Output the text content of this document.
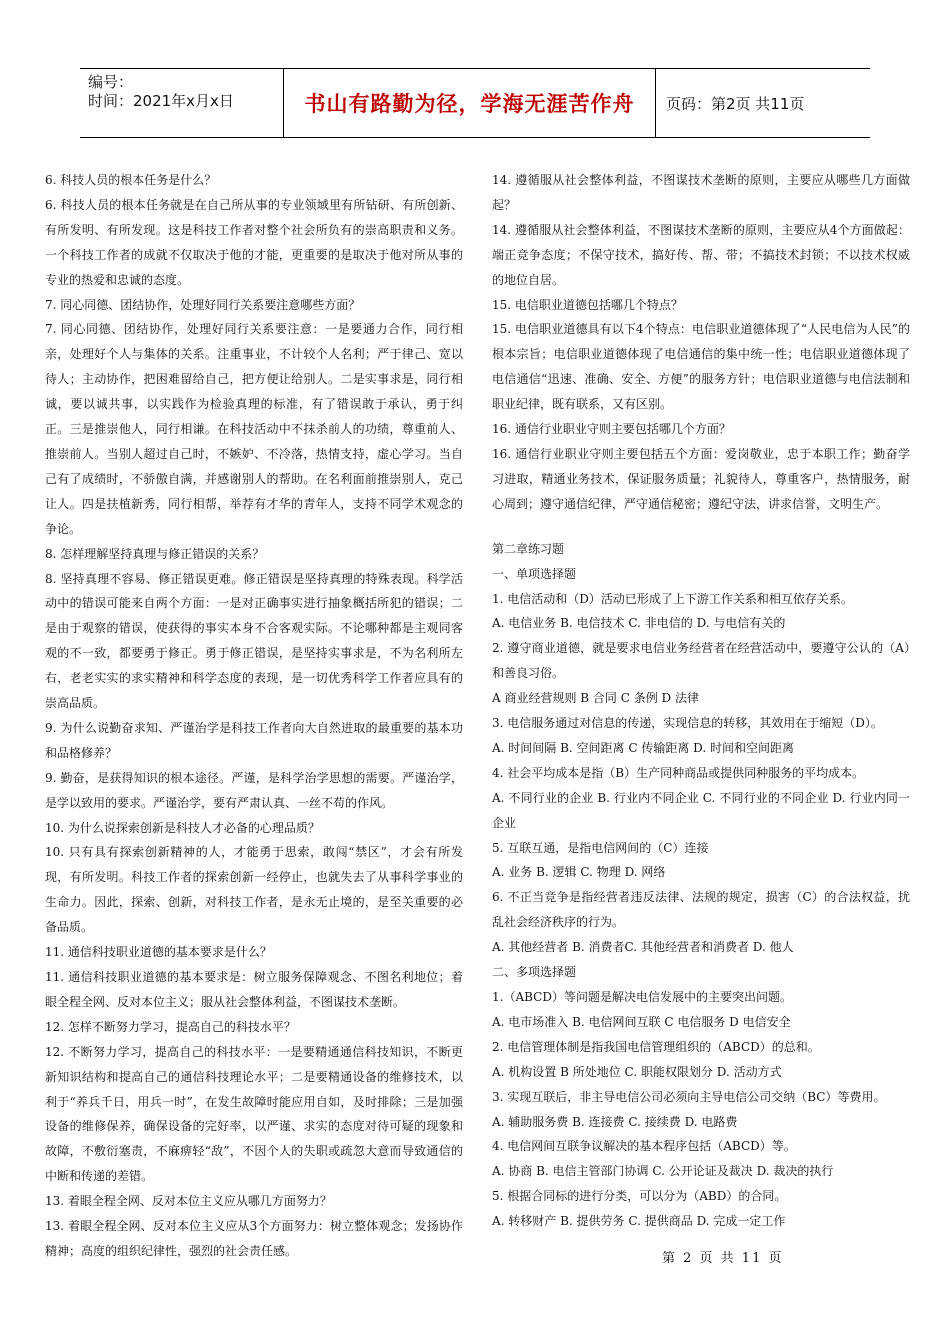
编号：
时间：2021年x月x日	书山有路勤为径，学海无涯苦作舟 页码：第2页 共11页

6. 科技人员的根本任务是什么？

6. 科技人员的根本任务就是在自己所从事的专业领域里有所钻研、有所创新、有所发明、有所发现。这是科技工作者对整个社会所负有的崇高职责和义务。一个科技工作者的成就不仅取决于他的才能，更重要的是取决于他对所从事的专业的热爱和忠诚的态度。

7. 同心同德、团结协作，处理好同行关系要注意哪些方面？

7. 同心同德、团结协作，处理好同行关系要注意：一是要通力合作，同行相亲，处理好个人与集体的关系。注重事业，不计较个人名利；严于律己、宽以待人；主动协作，把困难留给自己，把方便让给别人。二是实事求是，同行相诚，要以诚共事，以实践作为检验真理的标准，有了错误敢于承认，勇于纠正。三是推崇他人，同行相谦。在科技活动中不抹杀前人的功绩，尊重前人、推崇前人。当别人超过自己时，不嫉妒、不冷落，热情支持，虚心学习。当自己有了成绩时，不骄傲自满，并感谢别人的帮助。在名利面前推崇别人，克己让人。四是扶植新秀，同行相帮，举荐有才华的青年人，支持不同学术观念的争论。

8. 怎样理解坚持真理与修正错误的关系？

8. 坚持真理不容易、修正错误更难。修正错误是坚持真理的特殊表现。科学活动中的错误可能来自两个方面：一是对正确事实进行抽象概括所犯的错误；二是由于观察的错误，使获得的事实本身不合客观实际。不论哪种都是主观同客观的不一致，都要勇于修正。勇于修正错误，是坚持实事求是，不为名利所左右，老老实实的求实精神和科学态度的表现，是一切优秀科学工作者应具有的崇高品质。

9. 为什么说勤奋求知、严谨治学是科技工作者向大自然进取的最重要的基本功和品格修养？

9. 勤奋，是获得知识的根本途径。严谨，是科学治学思想的需要。严谨治学，是学以致用的要求。严谨治学，要有严肃认真、一丝不苟的作风。

10. 为什么说探索创新是科技人才必备的心理品质？

10. 只有具有探索创新精神的人，才能勇于思索，敢闯“禁区”，才会有所发现，有所发明。科技工作者的探索创新一经停止，也就失去了从事科学事业的生命力。因此，探索、创新，对科技工作者，是永无止境的，是至关重要的必备品质。

11. 通信科技职业道德的基本要求是什么？

11. 通信科技职业道德的基本要求是：树立服务保障观念、不图名利地位；着眼全程全网、反对本位主义；服从社会整体利益，不图谋技术垄断。

12. 怎样不断努力学习，提高自己的科技水平？

12. 不断努力学习，提高自己的科技水平：一是要精通通信科技知识，不断更新知识结构和提高自己的通信科技理论水平；二是要精通设备的维修技术，以利于“养兵千日，用兵一时”，在发生故障时能应用自如，及时排除；三是加强设备的维修保养，确保设备的完好率，以严谨、求实的态度对待可疑的现象和故障，不敷衍塞责，不麻痹轻“敌”，不因个人的失职或疏忽大意而导致通信的中断和传递的差错。

13. 着眼全程全网、反对本位主义应从哪几方面努力？

13. 着眼全程全网、反对本位主义应从3个方面努力：树立整体观念；发扬协作精神；高度的组织纪律性，强烈的社会责任感。

14. 遵循服从社会整体利益，不图谋技术垄断的原则，主要应从哪些几方面做起？

14. 遵循服从社会整体利益，不图谋技术垄断的原则，主要应从4个方面做起：端正竞争态度；不保守技术，搞好传、帮、带；不搞技术封锁；不以技术权威的地位自居。

15. 电信职业道德包括哪几个特点？

15. 电信职业道德具有以下4个特点：电信职业道德体现了“人民电信为人民”的根本宗旨；电信职业道德体现了电信通信的集中统一性；电信职业道德体现了电信通信“迅速、准确、安全、方便”的服务方针；电信职业道德与电信法制和职业纪律，既有联系，又有区别。

16. 通信行业职业守则主要包括哪几个方面？

16. 通信行业职业守则主要包括五个方面：爱岗敬业，忠于本职工作；勤奋学习进取，精通业务技术，保证服务质量；礼貌待人，尊重客户，热情服务，耐心周到；遵守通信纪律，严守通信秘密；遵纪守法，讲求信誉，文明生产。

第二章练习题

一、单项选择题

1. 电信活动和（D）活动已形成了上下游工作关系和相互依存关系。

A. 电信业务 B. 电信技术 C. 非电信的 D. 与电信有关的

2. 遵守商业道德，就是要求电信业务经营者在经营活动中，要遵守公认的（A）和善良习俗。

A 商业经营规则 B 合同 C 条例 D 法律

3. 电信服务通过对信息的传递，实现信息的转移，其效用在于缩短（D）。

A. 时间间隔 B. 空间距离 C 传输距离 D. 时间和空间距离

4. 社会平均成本是指（B）生产同种商品或提供同种服务的平均成本。

A. 不同行业的企业 B. 行业内不同企业 C. 不同行业的不同企业 D. 行业内同一企业

5. 互联互通，是指电信网间的（C）连接

A. 业务 B. 逻辑 C. 物理 D. 网络

6. 不正当竞争是指经营者违反法律、法规的规定，损害（C）的合法权益，扰乱社会经济秩序的行为。

A. 其他经营者 B. 消费者C. 其他经营者和消费者 D. 他人

二、多项选择题

1.（ABCD）等问题是解决电信发展中的主要突出问题。

A. 电市场准入 B. 电信网间互联 C 电信服务 D 电信安全

2. 电信管理体制是指我国电信管理组织的（ABCD）的总和。

A. 机构设置 B 所处地位 C. 职能权限划分 D. 活动方式

3. 实现互联后，非主导电信公司必须向主导电信公司交纳（BC）等费用。

A. 辅助服务费 B. 连接费 C. 接续费 D. 电路费

4. 电信网间互联争议解决的基本程序包括（ABCD）等。

A. 协商 B. 电信主管部门协调 C. 公开论证及裁决 D. 裁决的执行

5. 根据合同标的进行分类，可以分为（ABD）的合同。

A. 转移财产 B. 提供劳务 C. 提供商品 D. 完成一定工作

第 2 页 共 11 页
